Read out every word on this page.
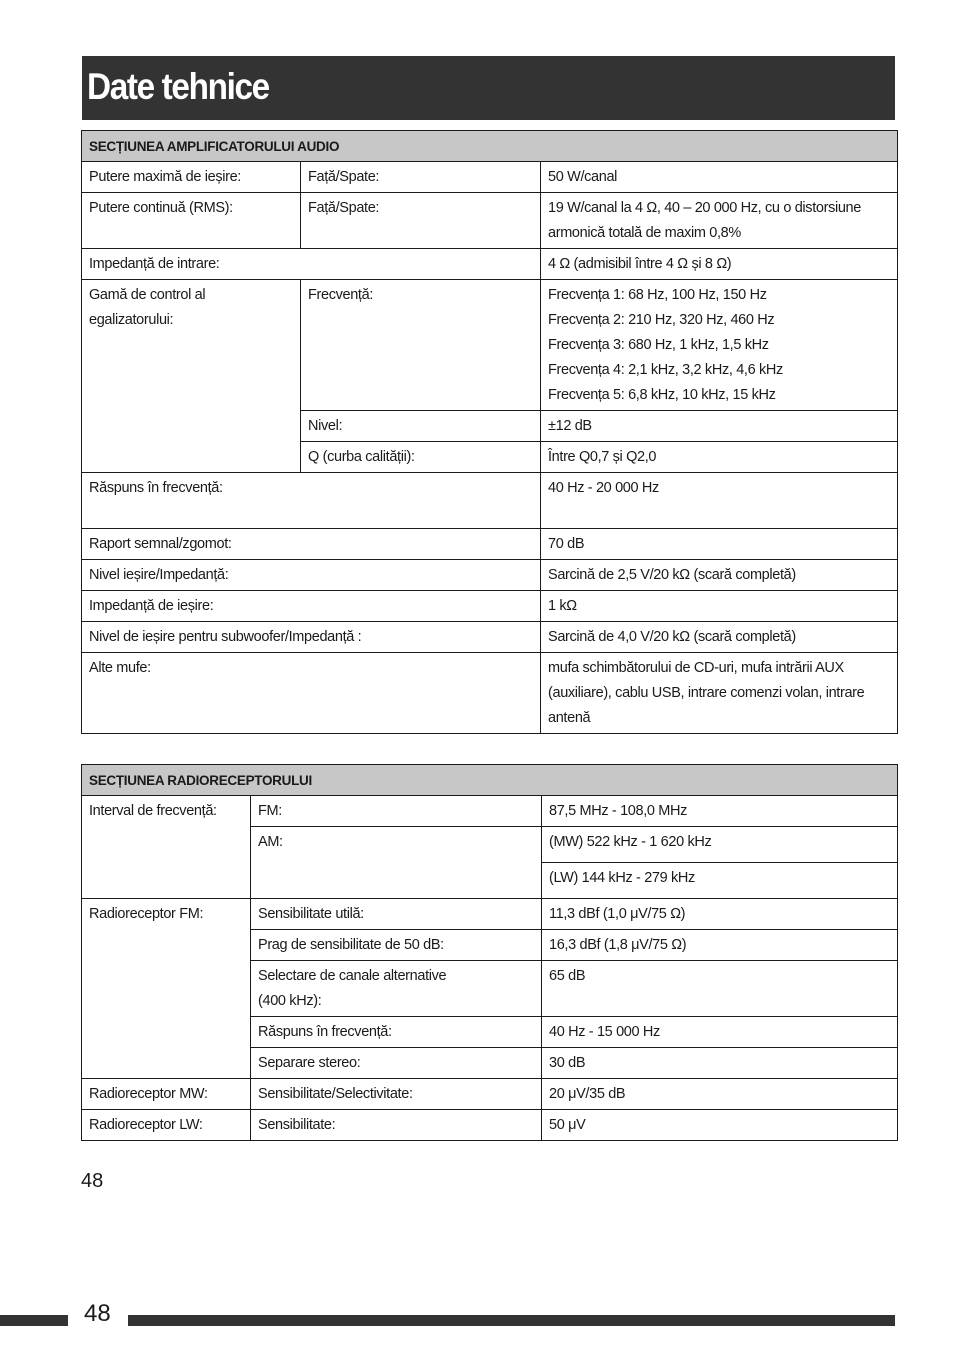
Date tehnice
SECȚIUNEA AMPLIFICATORULUI AUDIO		
Putere maximă de ieșire:	Față/Spate:	50 W/canal
Putere continuă (RMS):	Față/Spate:	19 W/canal la 4 Ω, 40 – 20 000 Hz, cu o distorsiune armonică totală de maxim 0,8%
Impedanță de intrare:		4 Ω (admisibil între 4 Ω și 8 Ω)
Gamă de control al egalizatorului:	Frecvență:	Frecvența 1: 68 Hz, 100 Hz, 150 Hz
Frecvența 2: 210 Hz, 320 Hz, 460 Hz
Frecvența 3: 680 Hz, 1 kHz, 1,5 kHz
Frecvența 4: 2,1 kHz, 3,2 kHz, 4,6 kHz
Frecvența 5: 6,8 kHz, 10 kHz, 15 kHz

	Nivel:	±12 dB
	Q (curba calității):	Între Q0,7 și Q2,0
Răspuns în frecvență:		40 Hz - 20 000 Hz
Raport semnal/zgomot:		70 dB
Nivel ieșire/Impedanță:		Sarcină de 2,5 V/20 kΩ (scară completă)
Impedanță de ieșire:		1 kΩ
Nivel de ieșire pentru subwoofer/Impedanță :		Sarcină de 4,0 V/20 kΩ (scară completă)
Alte mufe:		mufa schimbătorului de CD-uri, mufa intrării AUX (auxiliare), cablu USB, intrare comenzi volan, intrare antenă
SECȚIUNEA RADIORECEPTORULUI		
Interval de frecvență:	FM:	87,5 MHz - 108,0 MHz
	AM:	(MW) 522 kHz - 1 620 kHz
		(LW) 144 kHz - 279 kHz
Radioreceptor FM:	Sensibilitate utilă:	11,3 dBf (1,0 μV/75 Ω)
	Prag de sensibilitate de 50 dB:	16,3 dBf (1,8 μV/75 Ω)
	Selectare de canale alternative (400 kHz):	65 dB
	Răspuns în frecvență:	40 Hz - 15 000 Hz
	Separare stereo:	30 dB
Radioreceptor MW:	Sensibilitate/Selectivitate:	20 μV/35 dB
Radioreceptor LW:	Sensibilitate:	50 μV
48
48
